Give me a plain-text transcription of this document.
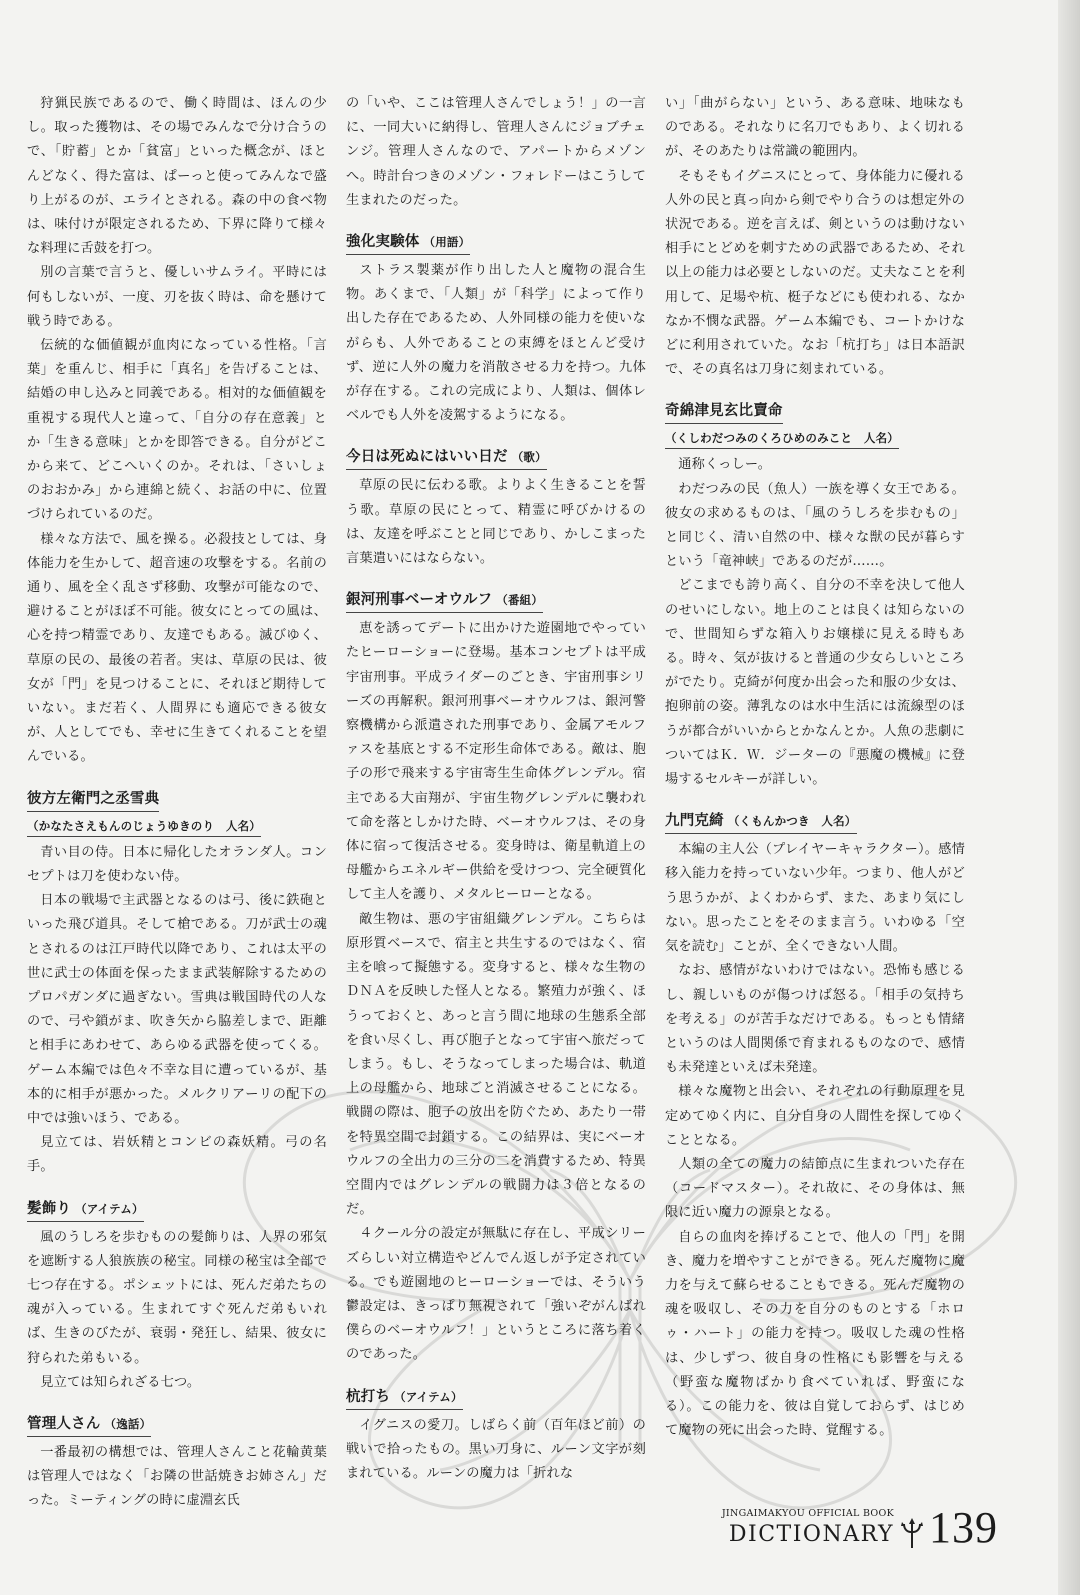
狩猟民族であるので、働く時間は、ほんの少し。取った獲物は、その場でみんなで分け合うので、「貯蓄」とか「貧富」といった概念が、ほとんどなく、得た富は、ぱーっと使ってみんなで盛り上がるのが、エライとされる。森の中の食べ物は、味付けが限定されるため、下界に降りて様々な料理に舌鼓を打つ。

別の言葉で言うと、優しいサムライ。平時には何もしないが、一度、刃を抜く時は、命を懸けて戦う時である。

伝統的な価値観が血肉になっている性格。「言葉」を重んじ、相手に「真名」を告げることは、結婚の申し込みと同義である。相対的な価値観を重視する現代人と違って、「自分の存在意義」とか「生きる意味」とかを即答できる。自分がどこから来て、どこへいくのか。それは、「さいしょのおおかみ」から連綿と続く、お話の中に、位置づけられているのだ。

様々な方法で、風を操る。必殺技としては、身体能力を生かして、超音速の攻撃をする。名前の通り、風を全く乱さず移動、攻撃が可能なので、避けることがほぼ不可能。彼女にとっての風は、心を持つ精霊であり、友達でもある。滅びゆく、草原の民の、最後の若者。実は、草原の民は、彼女が「門」を見つけることに、それほど期待していない。まだ若く、人間界にも適応できる彼女が、人としてでも、幸せに生きてくれることを望んでいる。

彼方左衛門之丞雪典
（かなたさえもんのじょうゆきのり　人名）

青い目の侍。日本に帰化したオランダ人。コンセプトは刀を使わない侍。

日本の戦場で主武器となるのは弓、後に鉄砲といった飛び道具。そして槍である。刀が武士の魂とされるのは江戸時代以降であり、これは太平の世に武士の体面を保ったまま武装解除するためのプロパガンダに過ぎない。雪典は戦国時代の人なので、弓や鎖がま、吹き矢から脇差しまで、距離と相手にあわせて、あらゆる武器を使ってくる。ゲーム本編では色々不幸な目に遭っているが、基本的に相手が悪かった。メルクリアーリの配下の中では強いほう、である。

見立ては、岩妖精とコンビの森妖精。弓の名手。

髪飾り （アイテム）

風のうしろを歩むものの髪飾りは、人界の邪気を遮断する人狼族族の秘宝。同様の秘宝は全部で七つ存在する。ポシェットには、死んだ弟たちの魂が入っている。生まれてすぐ死んだ弟もいれば、生きのびたが、衰弱・発狂し、結果、彼女に狩られた弟もいる。

見立ては知られざる七つ。

管理人さん （逸話）

一番最初の構想では、管理人さんこと花輪黄葉は管理人ではなく「お隣の世話焼きお姉さん」だった。ミーティングの時に虚淵玄氏

の「いや、ここは管理人さんでしょう！」の一言に、一同大いに納得し、管理人さんにジョブチェンジ。管理人さんなので、アパートからメゾンへ。時計台つきのメゾン・フォレドーはこうして生まれたのだった。

強化実験体 （用語）

ストラス製薬が作り出した人と魔物の混合生物。あくまで、「人類」が「科学」によって作り出した存在であるため、人外同様の能力を使いながらも、人外であることの束縛をほとんど受けず、逆に人外の魔力を消散させる力を持つ。九体が存在する。これの完成により、人類は、個体レベルでも人外を凌駕するようになる。

今日は死ぬにはいい日だ （歌）

草原の民に伝わる歌。よりよく生きることを誓う歌。草原の民にとって、精霊に呼びかけるのは、友達を呼ぶことと同じであり、かしこまった言葉遣いにはならない。

銀河刑事ベーオウルフ （番組）

恵を誘ってデートに出かけた遊園地でやっていたヒーローショーに登場。基本コンセプトは平成宇宙刑事。平成ライダーのごとき、宇宙刑事シリーズの再解釈。銀河刑事ベーオウルフは、銀河警察機構から派遣された刑事であり、金属アモルファスを基底とする不定形生命体である。敵は、胞子の形で飛来する宇宙寄生生命体グレンデル。宿主である大亩翔が、宇宙生物グレンデルに襲われて命を落としかけた時、ベーオウルフは、その身体に宿って復活させる。変身時は、衛星軌道上の母艦からエネルギー供給を受けつつ、完全硬質化して主人を護り、メタルヒーローとなる。

敵生物は、悪の宇宙組織グレンデル。こちらは原形質ベースで、宿主と共生するのではなく、宿主を喰って擬態する。変身すると、様々な生物のＤＮＡを反映した怪人となる。繁殖力が強く、ほうっておくと、あっと言う間に地球の生態系全部を食い尽くし、再び胞子となって宇宙へ旅だってしまう。もし、そうなってしまった場合は、軌道上の母艦から、地球ごと消滅させることになる。戦闘の際は、胞子の放出を防ぐため、あたり一帯を特異空間で封鎖する。この結界は、実にベーオウルフの全出力の三分の二を消費するため、特異空間内ではグレンデルの戦闘力は３倍となるのだ。

４クール分の設定が無駄に存在し、平成シリーズらしい対立構造やどんでん返しが予定されている。でも遊園地のヒーローショーでは、そういう鬱設定は、きっぱり無視されて「強いぞがんばれ僕らのベーオウルフ！」というところに落ち着くのであった。

杭打ち （アイテム）

イグニスの愛刀。しばらく前（百年ほど前）の戦いで拾ったもの。黒い刀身に、ルーン文字が刻まれている。ルーンの魔力は「折れな

い」「曲がらない」という、ある意味、地味なものである。それなりに名刀でもあり、よく切れるが、そのあたりは常識の範囲内。

そもそもイグニスにとって、身体能力に優れる人外の民と真っ向から剣でやり合うのは想定外の状況である。逆を言えば、剣というのは動けない相手にとどめを刺すための武器であるため、それ以上の能力は必要としないのだ。丈夫なことを利用して、足場や杭、梃子などにも使われる、なかなか不憫な武器。ゲーム本編でも、コートかけなどに利用されていた。なお「杭打ち」は日本語訳で、その真名は刀身に刻まれている。

奇綿津見玄比賣命
（くしわだつみのくろひめのみこと　人名）

通称くっしー。

わだつみの民（魚人）一族を導く女王である。彼女の求めるものは、「風のうしろを歩むもの」と同じく、清い自然の中、様々な獣の民が暮らすという「竜神峡」であるのだが……。

どこまでも誇り高く、自分の不幸を決して他人のせいにしない。地上のことは良くは知らないので、世間知らずな箱入りお嬢様に見える時もある。時々、気が抜けると普通の少女らしいところがでたり。克綺が何度か出会った和服の少女は、抱卵前の姿。薄乳なのは水中生活には流線型のほうが都合がいいからとかなんとか。人魚の悲劇についてはＫ．Ｗ．ジーターの『悪魔の機械』に登場するセルキーが詳しい。

九門克綺 （くもんかつき　人名）

本編の主人公（プレイヤーキャラクター）。感情移入能力を持っていない少年。つまり、他人がどう思うかが、よくわからず、また、あまり気にしない。思ったことをそのまま言う。いわゆる「空気を読む」ことが、全くできない人間。

なお、感情がないわけではない。恐怖も感じるし、親しいものが傷つけば怒る。「相手の気持ちを考える」のが苦手なだけである。もっとも情緒というのは人間関係で育まれるものなので、感情も未発達といえば未発達。

様々な魔物と出会い、それぞれの行動原理を見定めてゆく内に、自分自身の人間性を探してゆくこととなる。

人類の全ての魔力の結節点に生まれついた存在（コードマスター）。それ故に、その身体は、無限に近い魔力の源泉となる。

自らの血肉を捧げることで、他人の「門」を開き、魔力を増やすことができる。死んだ魔物に魔力を与えて蘇らせることもできる。死んだ魔物の魂を吸収し、その力を自分のものとする「ホロゥ・ハート」の能力を持つ。吸収した魂の性格は、少しずつ、彼自身の性格にも影響を与える（野蛮な魔物ばかり食べていれば、野蛮になる）。この能力を、彼は自覚しておらず、はじめて魔物の死に出会った時、覚醒する。

JINGAIMAKYOU OFFICIAL BOOK
DICTIONARY 139
